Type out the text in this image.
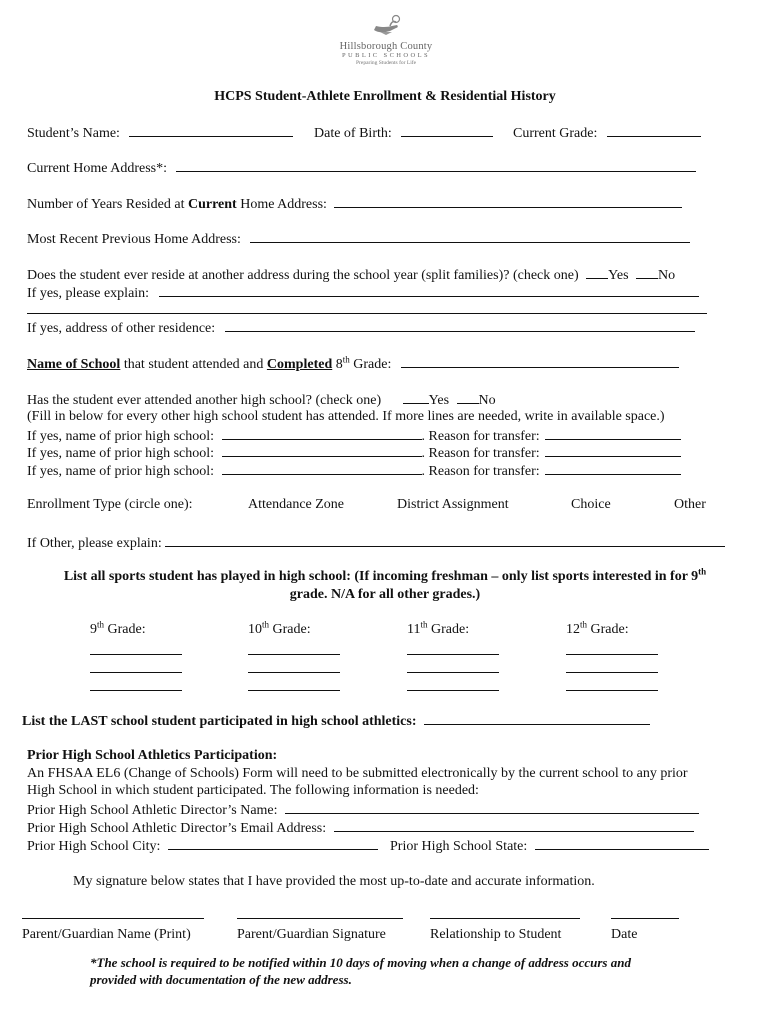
Hillsborough County
PUBLIC SCHOOLS
Preparing Students for Life
HCPS Student-Athlete Enrollment & Residential History
Student’s Name:	Date of Birth:	Current Grade:
Current Home Address*:
Number of Years Resided at Current Home Address:
Most Recent Previous Home Address:
Does the student ever reside at another address during the school year (split families)? (check one) Yes No
If yes, please explain:
If yes, address of other residence:
Name of School that student attended and Completed 8th Grade:
Has the student ever attended another high school? (check one)	Yes No
(Fill in below for every other high school student has attended. If more lines are needed, write in available space.)
If yes, name of prior high school:	. Reason for transfer:
If yes, name of prior high school:	. Reason for transfer:
If yes, name of prior high school:	. Reason for transfer:
Enrollment Type (circle one):	Attendance Zone	District Assignment	Choice	Other
If Other, please explain:
List all sports student has played in high school: (If incoming freshman – only list sports interested in for 9th
grade. N/A for all other grades.)
9th Grade:	10th Grade:	11th Grade:	12th Grade:
List the LAST school student participated in high school athletics:
Prior High School Athletics Participation:
An FHSAA EL6 (Change of Schools) Form will need to be submitted electronically by the current school to any prior
High School in which student participated. The following information is needed:
Prior High School Athletic Director’s Name:
Prior High School Athletic Director’s Email Address:
Prior High School City:	Prior High School State:
My signature below states that I have provided the most up-to-date and accurate information.
Parent/Guardian Name (Print)	Parent/Guardian Signature	Relationship to Student	Date
*The school is required to be notified within 10 days of moving when a change of address occurs and
provided with documentation of the new address.
